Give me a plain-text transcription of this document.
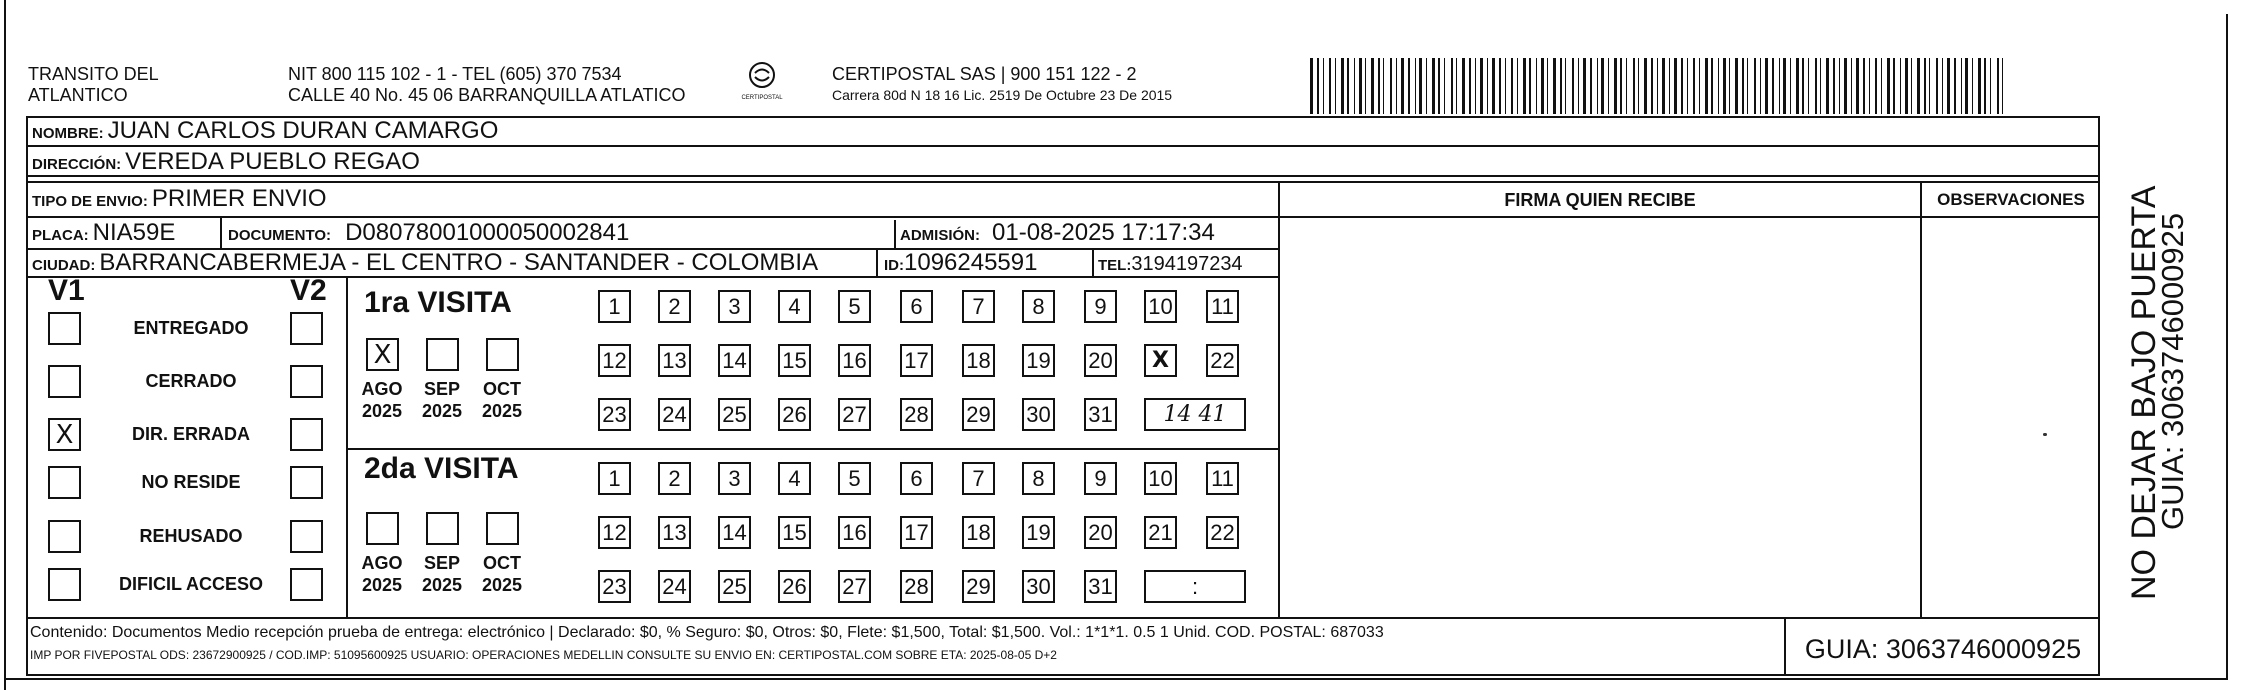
TRANSITO DEL
ATLANTICO
NIT 800 115 102 - 1 - TEL (605) 370 7534
CALLE 40 No. 45 06 BARRANQUILLA ATLATICO	CERTIPOSTAL
CERTIPOSTAL SAS | 900 151 122 - 2
Carrera 80d N 18 16 Lic. 2519 De Octubre 23 De 2015
NOMBRE: JUAN CARLOS DURAN CAMARGO
DIRECCIÓN: VEREDA PUEBLO REGAO
TIPO DE ENVIO: PRIMER ENVIO	FIRMA QUIEN RECIBE	OBSERVACIONES
PLACA: NIA59E	DOCUMENTO: D08078001000050002841	ADMISIÓN: 01-08-2025 17:17:34
CIUDAD: BARRANCABERMEJA - EL CENTRO - SANTANDER - COLOMBIA	ID:1096245591	TEL:3194197234
V1	V2
ENTREGADO
CERRADO
X	DIR. ERRADA
NO RESIDE
REHUSADO
DIFICIL ACCESO
1ra VISITA
2da VISITA
X
AGO
2025
SEP
2025
OCT
2025
1	2	3	4	5	6	7	8	9	10 11
12 13 14 15 16 17 18 19 20	X	22
23 24 25 26 27 28 29 30 31	14 41
AGO
2025
SEP
2025
OCT
2025
1	2	3	4	5	6	7	8	9	10 11
12 13 14 15 16 17 18 19 20 21 22
23 24 25 26 27 28 29 30 31	:
Contenido: Documentos Medio recepción prueba de entrega: electrónico | Declarado: $0, % Seguro: $0, Otros: $0, Flete: $1,500, Total: $1,500. Vol.: 1*1*1. 0.5 1 Unid. COD. POSTAL: 687033
IMP POR FIVEPOSTAL ODS: 23672900925 / COD.IMP: 51095600925 USUARIO: OPERACIONES MEDELLIN CONSULTE SU ENVIO EN: CERTIPOSTAL.COM SOBRE ETA: 2025-08-05 D+2	GUIA: 3063746000925
NO DEJAR BAJO PUERTA
GUIA: 3063746000925
